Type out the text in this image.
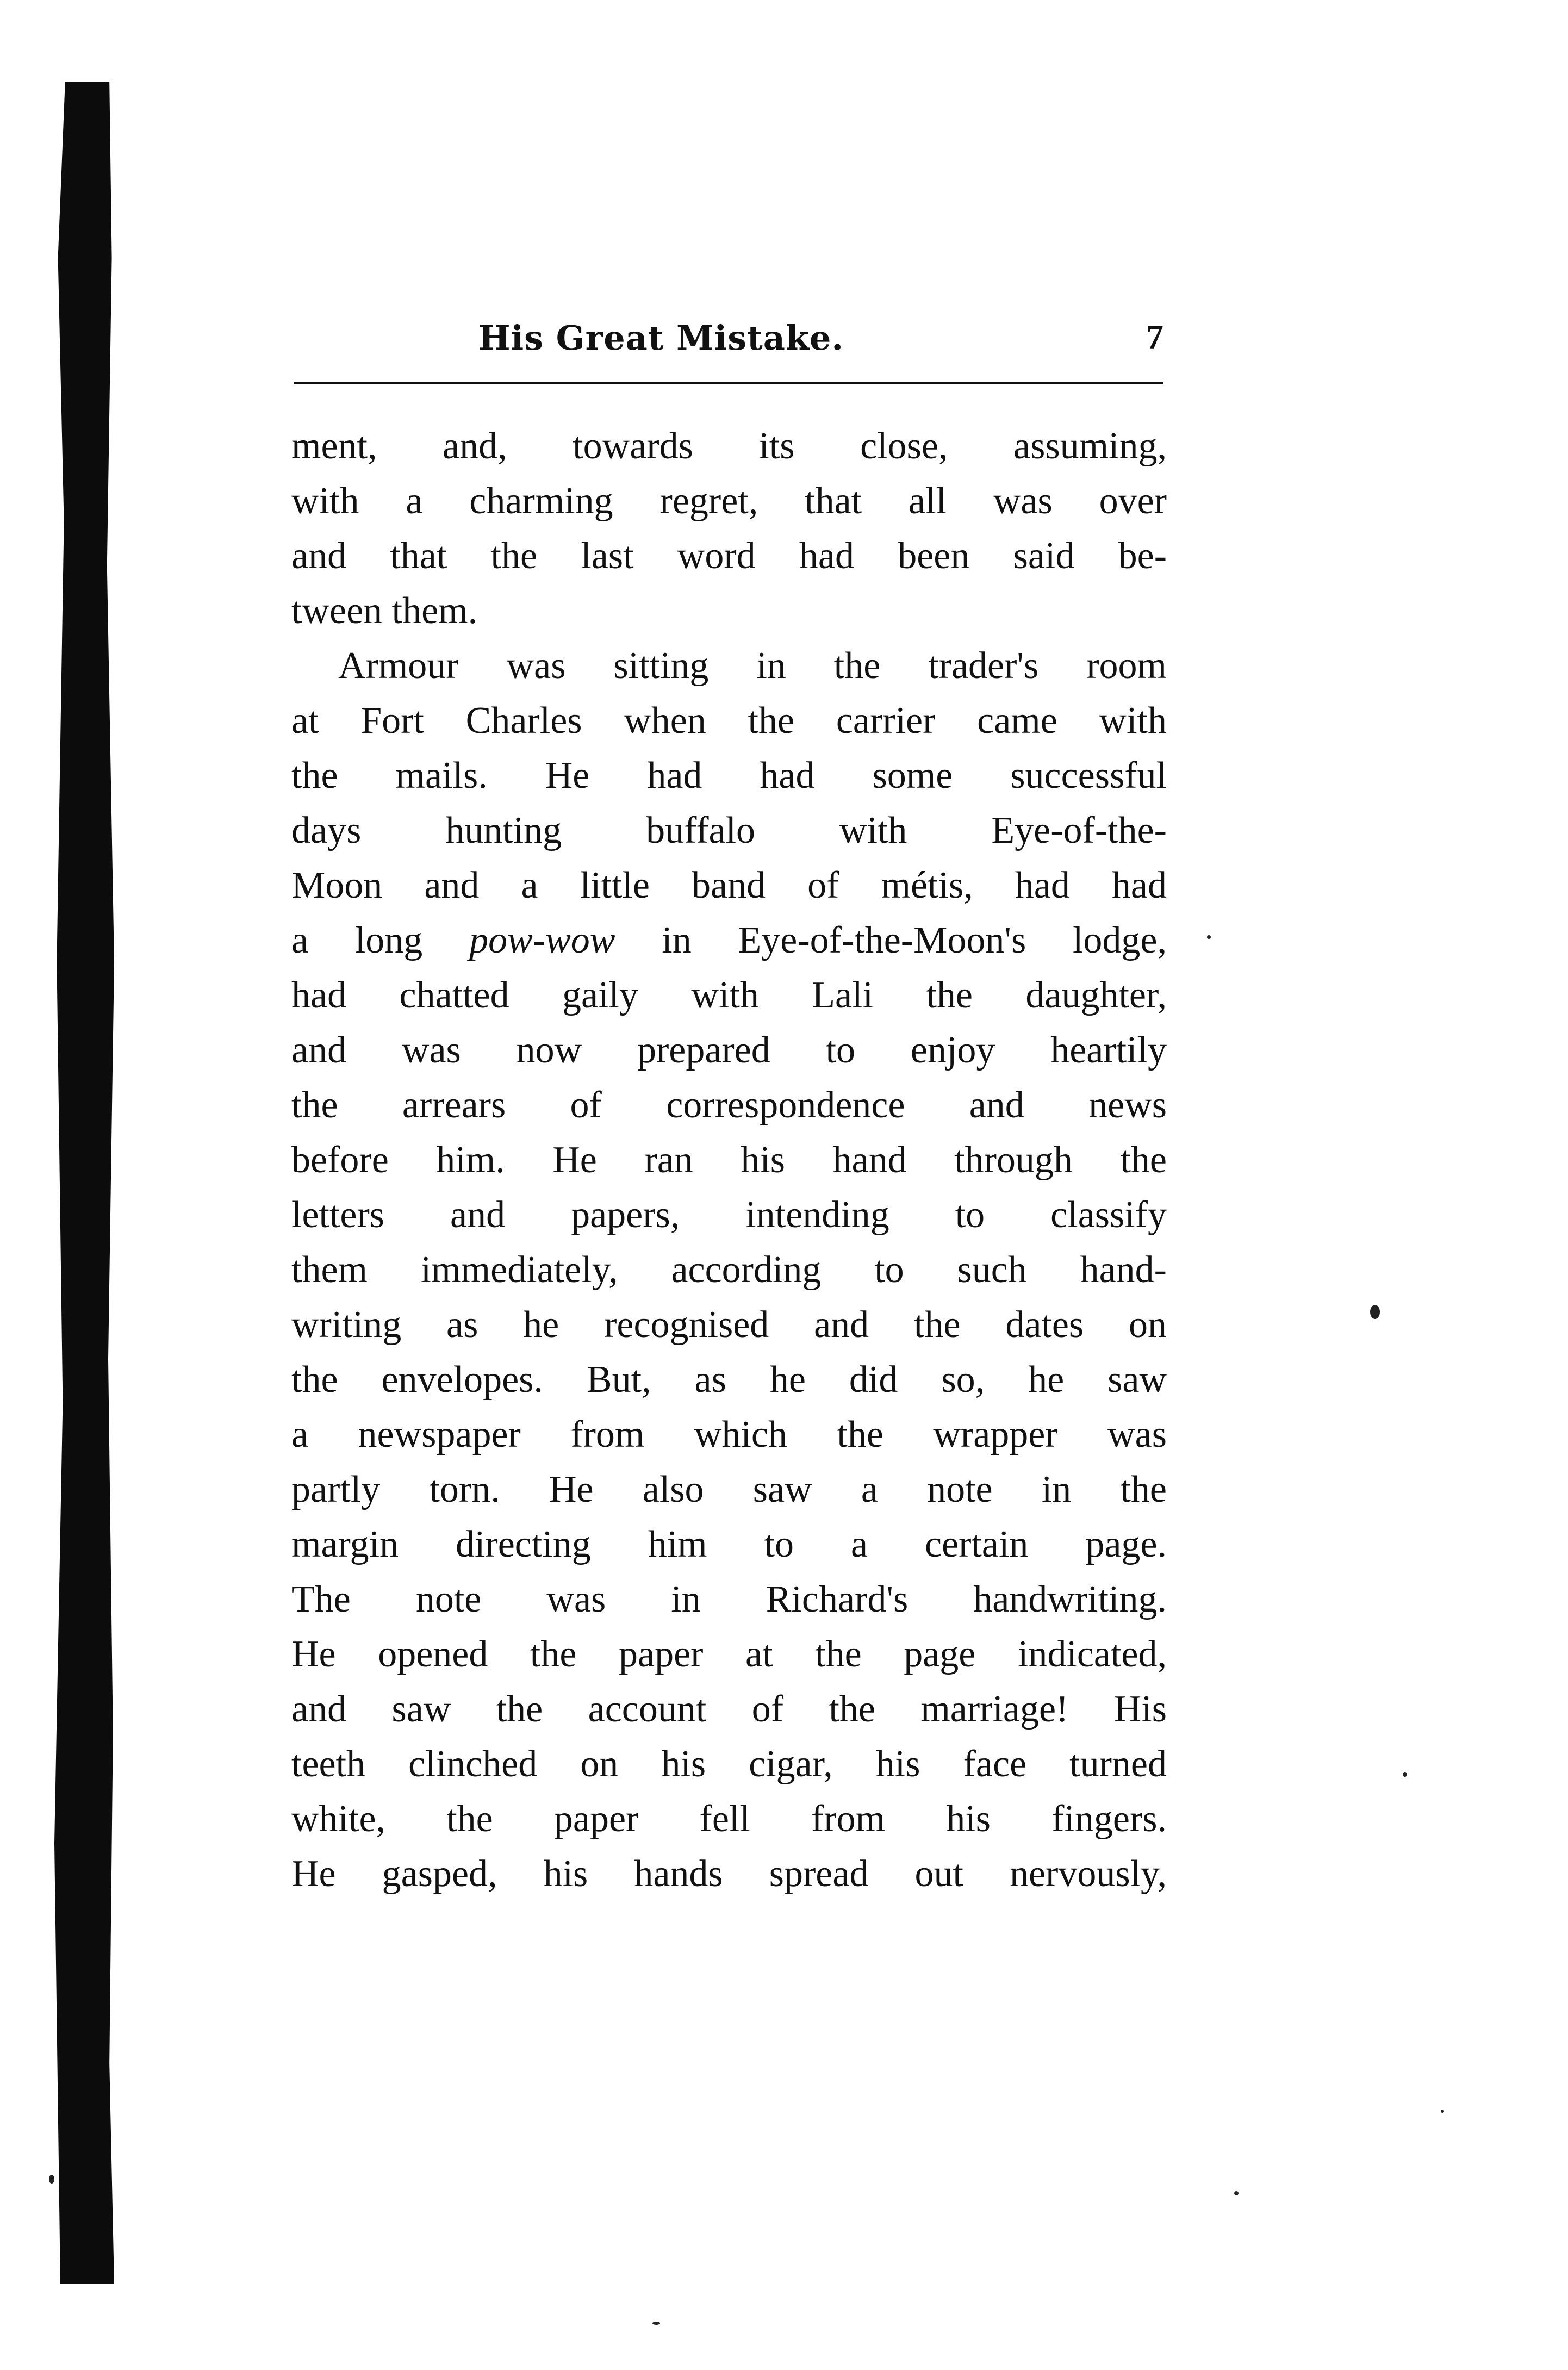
His Great Mistake.	7
ment, and, towards its close, assuming,
with a charming regret, that all was over
and that the last word had been said be-
tween them.
Armour was sitting in the trader's room
at Fort Charles when the carrier came with
the mails. He had had some successful
days hunting buffalo with Eye-of-the-
Moon and a little band of métis, had had
a long pow-wow in Eye-of-the-Moon's lodge,
had chatted gaily with Lali the daughter,
and was now prepared to enjoy heartily
the arrears of correspondence and news
before him. He ran his hand through the
letters and papers, intending to classify
them immediately, according to such hand-
writing as he recognised and the dates on
the envelopes. But, as he did so, he saw
a newspaper from which the wrapper was
partly torn. He also saw a note in the
margin directing him to a certain page.
The note was in Richard's handwriting.
He opened the paper at the page indicated,
and saw the account of the marriage! His
teeth clinched on his cigar, his face turned
white, the paper fell from his fingers.
He gasped, his hands spread out nervously,
